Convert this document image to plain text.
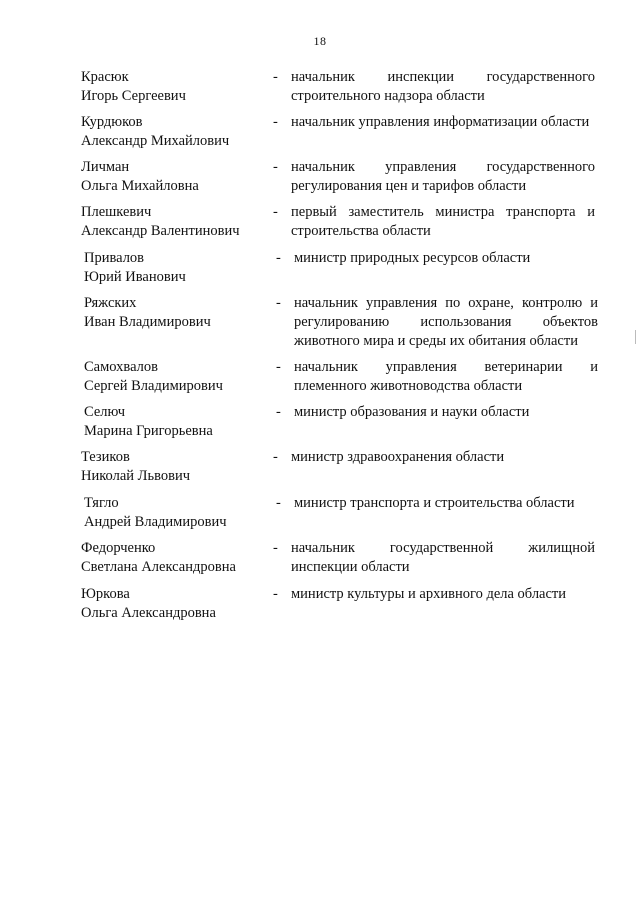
18
Красюк
Игорь Сергеевич
- начальник инспекции государственного строительного надзора области
Курдюков
Александр Михайлович
- начальник управления информатизации области
Личман
Ольга Михайловна
- начальник управления государственного регулирования цен и тарифов области
Плешкевич
Александр Валентинович
- первый заместитель министра транспорта и строительства области
Привалов
Юрий Иванович
- министр природных ресурсов области
Ряжских
Иван Владимирович
- начальник управления по охране, контролю и регулированию использования объектов животного мира и среды их обитания области
Самохвалов
Сергей Владимирович
- начальник управления ветеринарии и племенного животноводства области
Селюч
Марина Григорьевна
- министр образования и науки области
Тезиков
Николай Львович
- министр здравоохранения области
Тягло
Андрей Владимирович
- министр транспорта и строительства области
Федорченко
Светлана Александровна
- начальник государственной жилищной инспекции области
Юркова
Ольга Александровна
- министр культуры и архивного дела области
